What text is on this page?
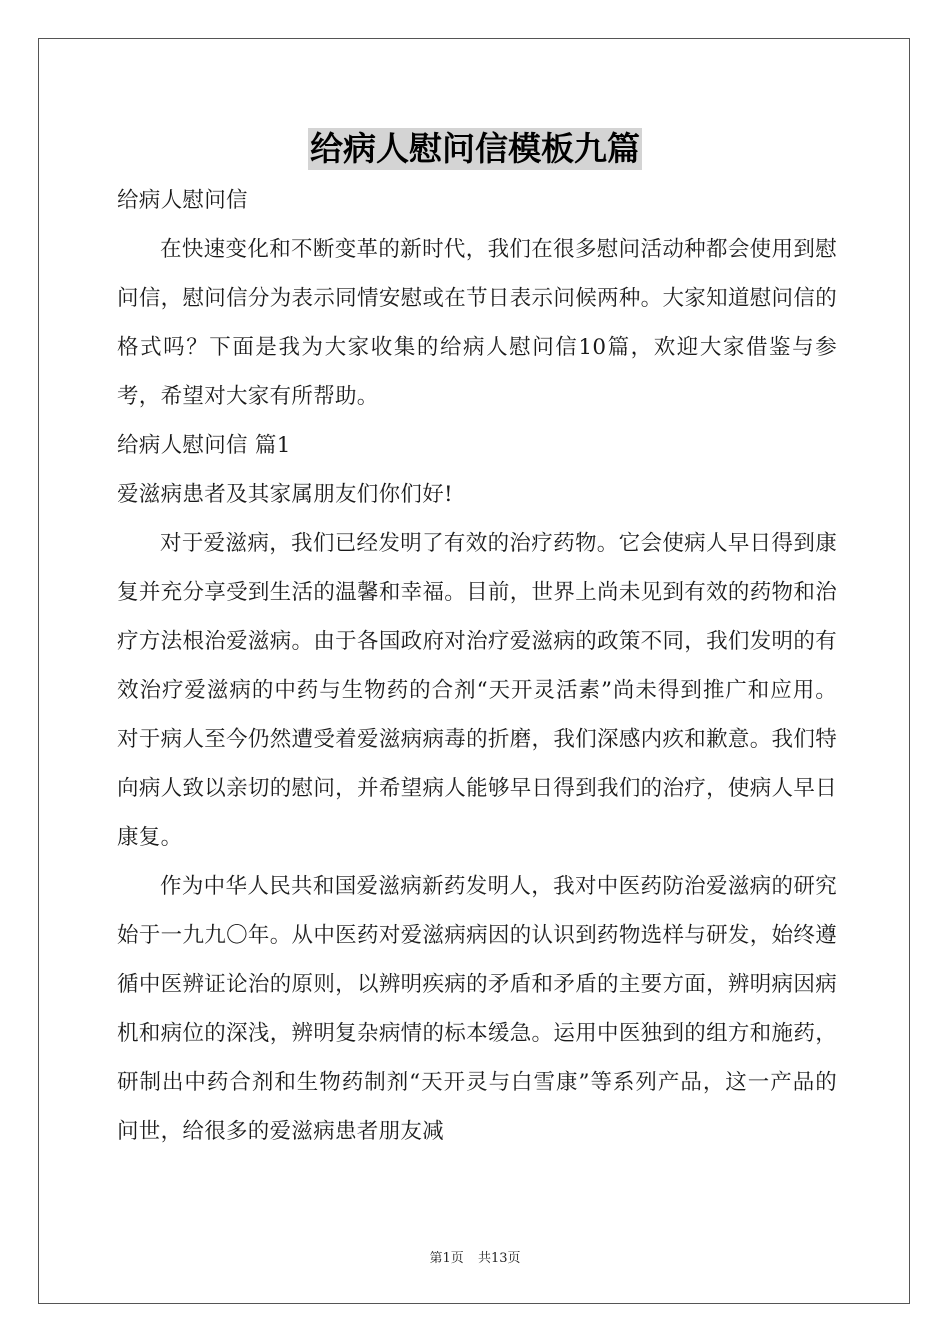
给病人慰问信模板九篇

给病人慰问信

在快速变化和不断变革的新时代，我们在很多慰问活动种都会使用到慰问信，慰问信分为表示同情安慰或在节日表示问候两种。大家知道慰问信的格式吗？下面是我为大家收集的给病人慰问信10篇，欢迎大家借鉴与参考，希望对大家有所帮助。

给病人慰问信 篇1

爱滋病患者及其家属朋友们你们好!

对于爱滋病，我们已经发明了有效的治疗药物。它会使病人早日得到康复并充分享受到生活的温馨和幸福。目前，世界上尚未见到有效的药物和治疗方法根治爱滋病。由于各国政府对治疗爱滋病的政策不同，我们发明的有效治疗爱滋病的中药与生物药的合剂“天开灵活素”尚未得到推广和应用。对于病人至今仍然遭受着爱滋病病毒的折磨，我们深感内疚和歉意。我们特向病人致以亲切的慰问，并希望病人能够早日得到我们的治疗，使病人早日康复。

作为中华人民共和国爱滋病新药发明人，我对中医药防治爱滋病的研究始于一九九〇年。从中医药对爱滋病病因的认识到药物选样与研发，始终遵循中医辨证论治的原则，以辨明疾病的矛盾和矛盾的主要方面，辨明病因病机和病位的深浅，辨明复杂病情的标本缓急。运用中医独到的组方和施药，研制出中药合剂和生物药制剂“天开灵与白雪康”等系列产品，这一产品的问世，给很多的爱滋病患者朋友减

第1页 共13页
